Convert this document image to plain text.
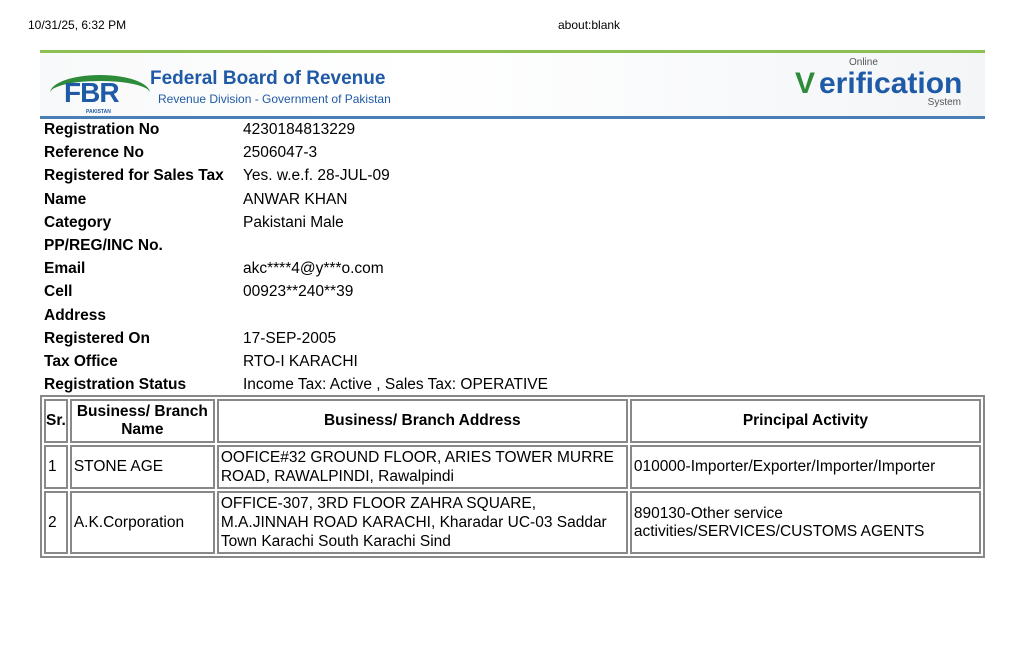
10/31/25, 6:32 PM	about:blank
FBR
PAKISTAN
Federal Board of Revenue
Revenue Division - Government of Pakistan
Online
V erification
System
Registration No	4230184813229
Reference No	2506047-3
Registered for Sales Tax	Yes. w.e.f. 28-JUL-09
Name	ANWAR KHAN
Category	Pakistani Male
PP/REG/INC No.
Email	akc****4@y***o.com
Cell	00923**240**39
Address
Registered On	17-SEP-2005
Tax Office	RTO-I KARACHI
Registration Status	Income Tax: Active , Sales Tax: OPERATIVE
Sr.	Business/ Branch Name	Business/ Branch Address	Principal Activity
1	STONE AGE	OOFICE#32 GROUND FLOOR, ARIES TOWER MURRE ROAD, RAWALPINDI, Rawalpindi	010000-Importer/Exporter/Importer/Importer
2	A.K.Corporation	OFFICE-307, 3RD FLOOR ZAHRA SQUARE, M.A.JINNAH ROAD KARACHI, Kharadar UC-03 Saddar Town Karachi South Karachi Sind	890130-Other service activities/SERVICES/CUSTOMS AGENTS
